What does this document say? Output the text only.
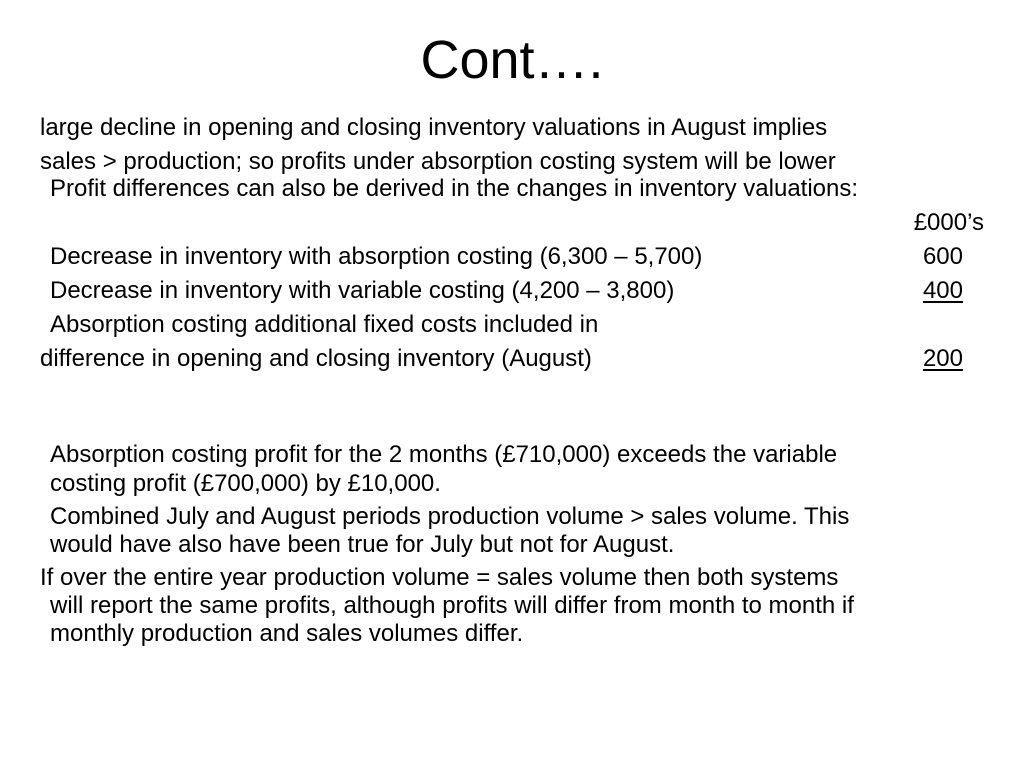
Cont….
large decline in opening and closing inventory valuations in August implies
sales > production; so profits under absorption costing system will be lower
Profit differences can also be derived in the changes in inventory valuations:
£000’s
Decrease in inventory with absorption costing (6,300 – 5,700)	600
Decrease in inventory with variable costing (4,200 – 3,800)	400
Absorption costing additional fixed costs included in
difference in opening and closing inventory (August)	200
Absorption costing profit for the 2 months (£710,000) exceeds the variable
costing profit (£700,000) by £10,000.
Combined July and August periods production volume > sales volume. This
would have also have been true for July but not for August.
If over the entire year production volume = sales volume then both systems
will report the same profits, although profits will differ from month to month if
monthly production and sales volumes differ.
